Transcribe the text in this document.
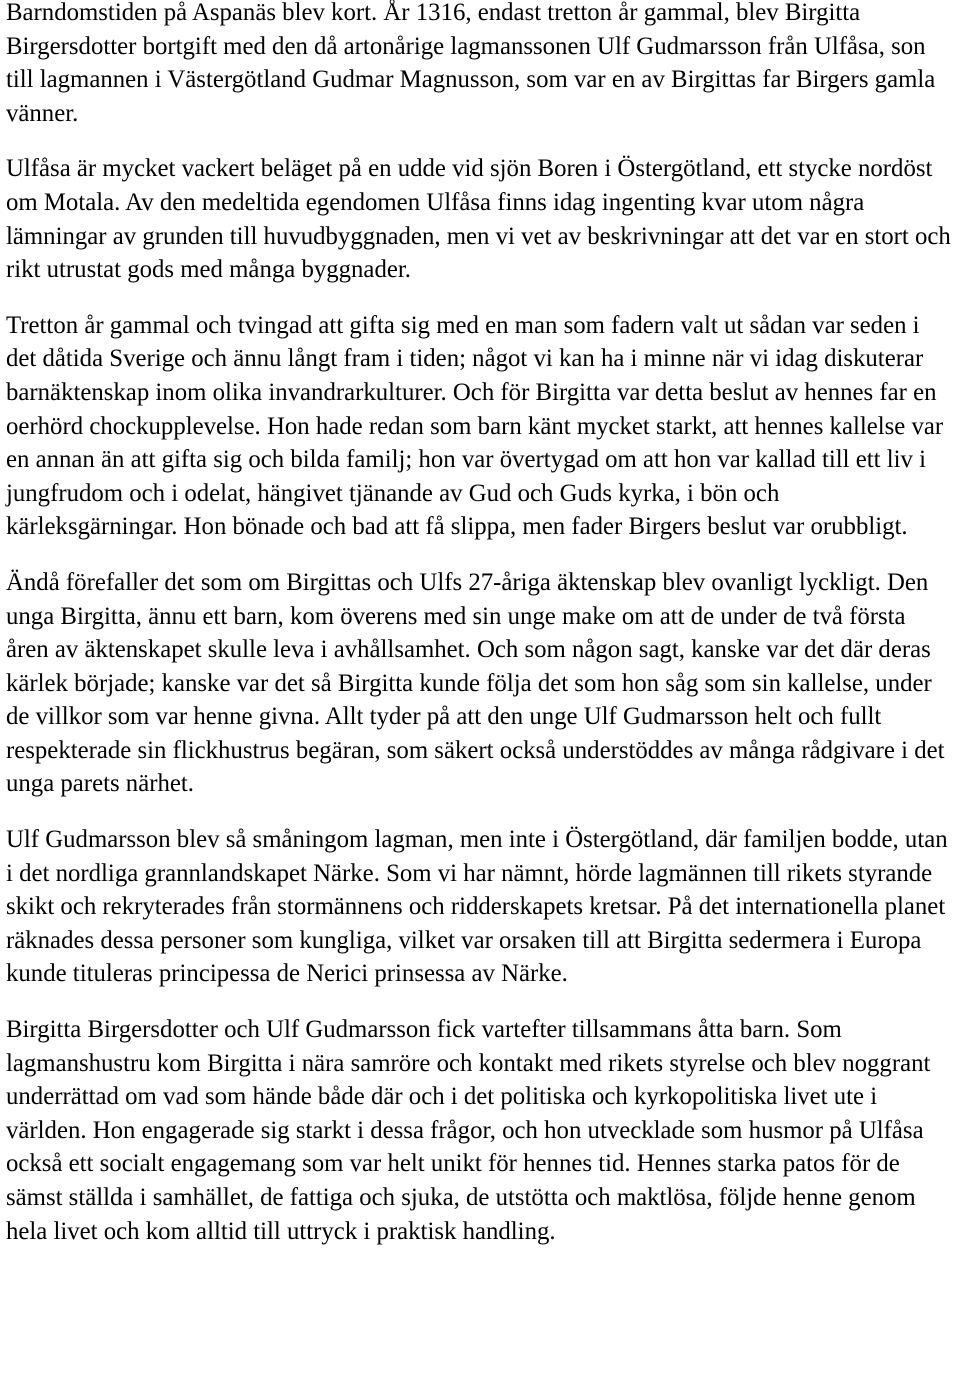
Barndomstiden på Aspanäs blev kort. År 1316, endast tretton år gammal, blev Birgitta Birgersdotter bortgift med den då artonårige lagmanssonen Ulf Gudmarsson från Ulfåsa, son till lagmannen i Västergötland Gudmar Magnusson, som var en av Birgittas far Birgers gamla vänner.

Ulfåsa är mycket vackert beläget på en udde vid sjön Boren i Östergötland, ett stycke nordöst om Motala. Av den medeltida egendomen Ulfåsa finns idag ingenting kvar utom några lämningar av grunden till huvudbyggnaden, men vi vet av beskrivningar att det var en stort och rikt utrustat gods med många byggnader.

Tretton år gammal och tvingad att gifta sig med en man som fadern valt ut sådan var seden i det dåtida Sverige och ännu långt fram i tiden; något vi kan ha i minne när vi idag diskuterar barnäktenskap inom olika invandrarkulturer. Och för Birgitta var detta beslut av hennes far en oerhörd chockupplevelse. Hon hade redan som barn känt mycket starkt, att hennes kallelse var en annan än att gifta sig och bilda familj; hon var övertygad om att hon var kallad till ett liv i jungfrudom och i odelat, hängivet tjänande av Gud och Guds kyrka, i bön och kärleksgärningar. Hon bönade och bad att få slippa, men fader Birgers beslut var orubbligt.

Ändå förefaller det som om Birgittas och Ulfs 27-åriga äktenskap blev ovanligt lyckligt. Den unga Birgitta, ännu ett barn, kom överens med sin unge make om att de under de två första åren av äktenskapet skulle leva i avhållsamhet. Och som någon sagt, kanske var det där deras kärlek började; kanske var det så Birgitta kunde följa det som hon såg som sin kallelse, under de villkor som var henne givna. Allt tyder på att den unge Ulf Gudmarsson helt och fullt respekterade sin flickhustrus begäran, som säkert också understöddes av många rådgivare i det unga parets närhet.

Ulf Gudmarsson blev så småningom lagman, men inte i Östergötland, där familjen bodde, utan i det nordliga grannlandskapet Närke. Som vi har nämnt, hörde lagmännen till rikets styrande skikt och rekryterades från stormännens och ridderskapets kretsar. På det internationella planet räknades dessa personer som kungliga, vilket var orsaken till att Birgitta sedermera i Europa kunde tituleras principessa de Nerici prinsessa av Närke.

Birgitta Birgersdotter och Ulf Gudmarsson fick vartefter tillsammans åtta barn. Som lagmanshustru kom Birgitta i nära samröre och kontakt med rikets styrelse och blev noggrant underrättad om vad som hände både där och i det politiska och kyrkopolitiska livet ute i världen. Hon engagerade sig starkt i dessa frågor, och hon utvecklade som husmor på Ulfåsa också ett socialt engagemang som var helt unikt för hennes tid. Hennes starka patos för de sämst ställda i samhället, de fattiga och sjuka, de utstötta och maktlösa, följde henne genom hela livet och kom alltid till uttryck i praktisk handling.
